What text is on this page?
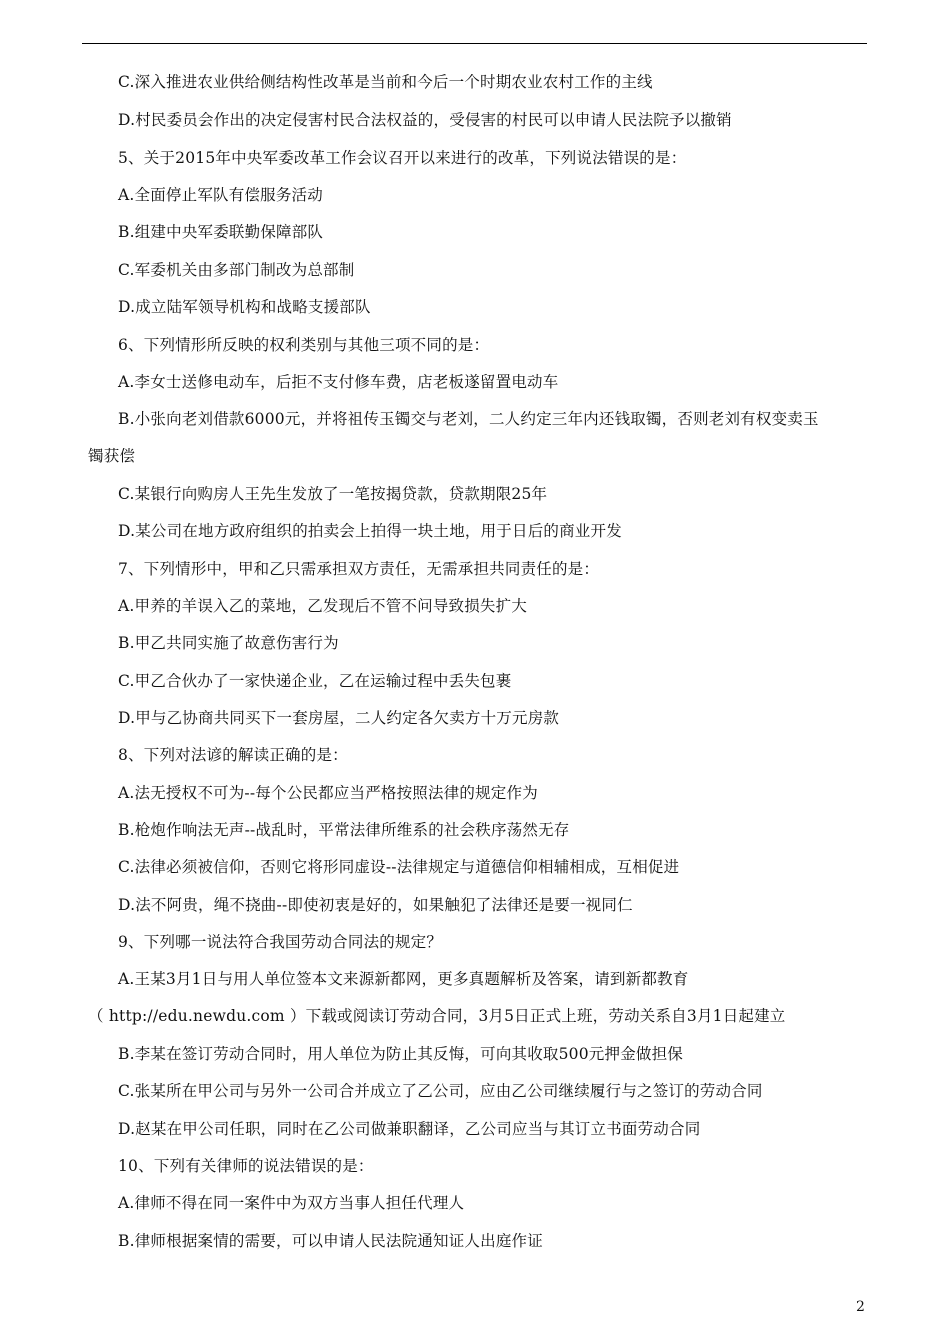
C.深入推进农业供给侧结构性改革是当前和今后一个时期农业农村工作的主线
D.村民委员会作出的决定侵害村民合法权益的，受侵害的村民可以申请人民法院予以撤销
5、关于2015年中央军委改革工作会议召开以来进行的改革，下列说法错误的是：
A.全面停止军队有偿服务活动
B.组建中央军委联勤保障部队
C.军委机关由多部门制改为总部制
D.成立陆军领导机构和战略支援部队
6、下列情形所反映的权利类别与其他三项不同的是：
A.李女士送修电动车，后拒不支付修车费，店老板遂留置电动车
B.小张向老刘借款6000元，并将祖传玉镯交与老刘，二人约定三年内还钱取镯，否则老刘有权变卖玉
镯获偿
C.某银行向购房人王先生发放了一笔按揭贷款，贷款期限25年
D.某公司在地方政府组织的拍卖会上拍得一块土地，用于日后的商业开发
7、下列情形中，甲和乙只需承担双方责任，无需承担共同责任的是：
A.甲养的羊误入乙的菜地，乙发现后不管不问导致损失扩大
B.甲乙共同实施了故意伤害行为
C.甲乙合伙办了一家快递企业，乙在运输过程中丢失包裹
D.甲与乙协商共同买下一套房屋，二人约定各欠卖方十万元房款
8、下列对法谚的解读正确的是：
A.法无授权不可为--每个公民都应当严格按照法律的规定作为
B.枪炮作响法无声--战乱时，平常法律所维系的社会秩序荡然无存
C.法律必须被信仰，否则它将形同虚设--法律规定与道德信仰相辅相成，互相促进
D.法不阿贵，绳不挠曲--即使初衷是好的，如果触犯了法律还是要一视同仁
9、下列哪一说法符合我国劳动合同法的规定？
A.王某3月1日与用人单位签本文来源新都网，更多真题解析及答案，请到新都教育
（ http://edu.newdu.com ）下载或阅读订劳动合同，3月5日正式上班，劳动关系自3月1日起建立
B.李某在签订劳动合同时，用人单位为防止其反悔，可向其收取500元押金做担保
C.张某所在甲公司与另外一公司合并成立了乙公司，应由乙公司继续履行与之签订的劳动合同
D.赵某在甲公司任职，同时在乙公司做兼职翻译，乙公司应当与其订立书面劳动合同
10、下列有关律师的说法错误的是：
A.律师不得在同一案件中为双方当事人担任代理人
B.律师根据案情的需要，可以申请人民法院通知证人出庭作证
2
